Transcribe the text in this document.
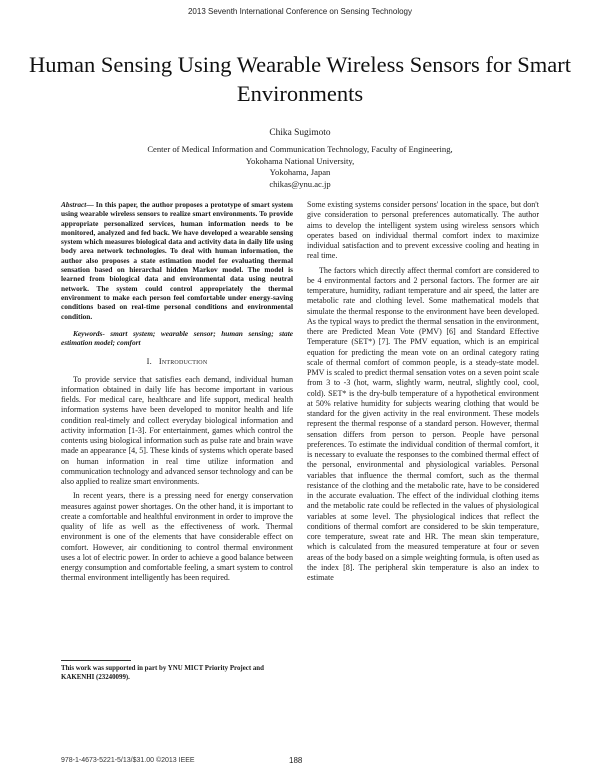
2013 Seventh International Conference on Sensing Technology
Human Sensing Using Wearable Wireless Sensors for Smart Environments
Chika Sugimoto
Center of Medical Information and Communication Technology, Faculty of Engineering,
Yokohama National University,
Yokohama, Japan
chikas@ynu.ac.jp

Abstract— In this paper, the author proposes a prototype of smart system using wearable wireless sensors to realize smart environments. To provide appropriate personalized services, human information needs to be monitored, analyzed and fed back. We have developed a wearable sensing system which measures biological data and activity data in daily life using body area network technologies. To deal with human information, the author also proposes a state estimation model for evaluating thermal sensation based on hierarchal hidden Markov model. The model is learned from biological data and environmental data using neutral network. The system could control appropriately the thermal environment to make each person feel comfortable under energy-saving conditions based on real-time personal conditions and environmental condition.

Keywords- smart system; wearable sensor; human sensing; state estimation model; comfort

I. Introduction

To provide service that satisfies each demand, individual human information obtained in daily life has become important in various fields. For medical care, healthcare and life support, medical health information systems have been developed to monitor health and life condition real-timely and collect everyday biological information and activity information [1-3]. For entertainment, games which control the contents using biological information such as pulse rate and brain wave made an appearance [4, 5]. These kinds of systems which operate based on human information in real time utilize information and communication technology and advanced sensor technology and can be also applied to realize smart environments.

In recent years, there is a pressing need for energy conservation measures against power shortages. On the other hand, it is important to create a comfortable and healthful environment in order to improve the quality of life as well as the effectiveness of work. Thermal environment is one of the elements that have considerable effect on comfort. However, air conditioning to control thermal environment uses a lot of electric power. In order to achieve a good balance between energy consumption and comfortable feeling, a smart system to control thermal environment intelligently has been required.

Some existing systems consider persons' location in the space, but don't give consideration to personal preferences automatically. The author aims to develop the intelligent system using wireless sensors which operates based on individual thermal comfort index to maximize individual satisfaction and to prevent excessive cooling and heating in real time.

The factors which directly affect thermal comfort are considered to be 4 environmental factors and 2 personal factors. The former are air temperature, humidity, radiant temperature and air speed, the latter are metabolic rate and clothing level. Some mathematical models that simulate the thermal response to the environment have been developed. As the typical ways to predict the thermal sensation in the environment, there are Predicted Mean Vote (PMV) [6] and Standard Effective Temperature (SET*) [7]. The PMV equation, which is an empirical equation for predicting the mean vote on an ordinal category rating scale of thermal comfort of common people, is a steady-state model. PMV is scaled to predict thermal sensation votes on a seven point scale from 3 to -3 (hot, warm, slightly warm, neutral, slightly cool, cool, cold). SET* is the dry-bulb temperature of a hypothetical environment at 50% relative humidity for subjects wearing clothing that would be standard for the given activity in the real environment. These models represent the thermal response of a standard person. However, thermal sensation differs from person to person. People have personal preferences. To estimate the individual condition of thermal comfort, it is necessary to evaluate the responses to the combined thermal effect of the personal, environmental and physiological variables. Personal variables that influence the thermal comfort, such as the thermal resistance of the clothing and the metabolic rate, have to be considered in the accurate evaluation. The effect of the individual clothing items and the metabolic rate could be reflected in the values of physiological variables at some level. The physiological indices that reflect the conditions of thermal comfort are considered to be skin temperature, core temperature, sweat rate and HR. The mean skin temperature, which is calculated from the measured temperature at four or seven areas of the body based on a simple weighting formula, is often used as the index [8]. The peripheral skin temperature is also an index to estimate

This work was supported in part by YNU MICT Priority Project and KAKENHI (23240099).
978-1-4673-5221-5/13/$31.00 ©2013 IEEE	188
